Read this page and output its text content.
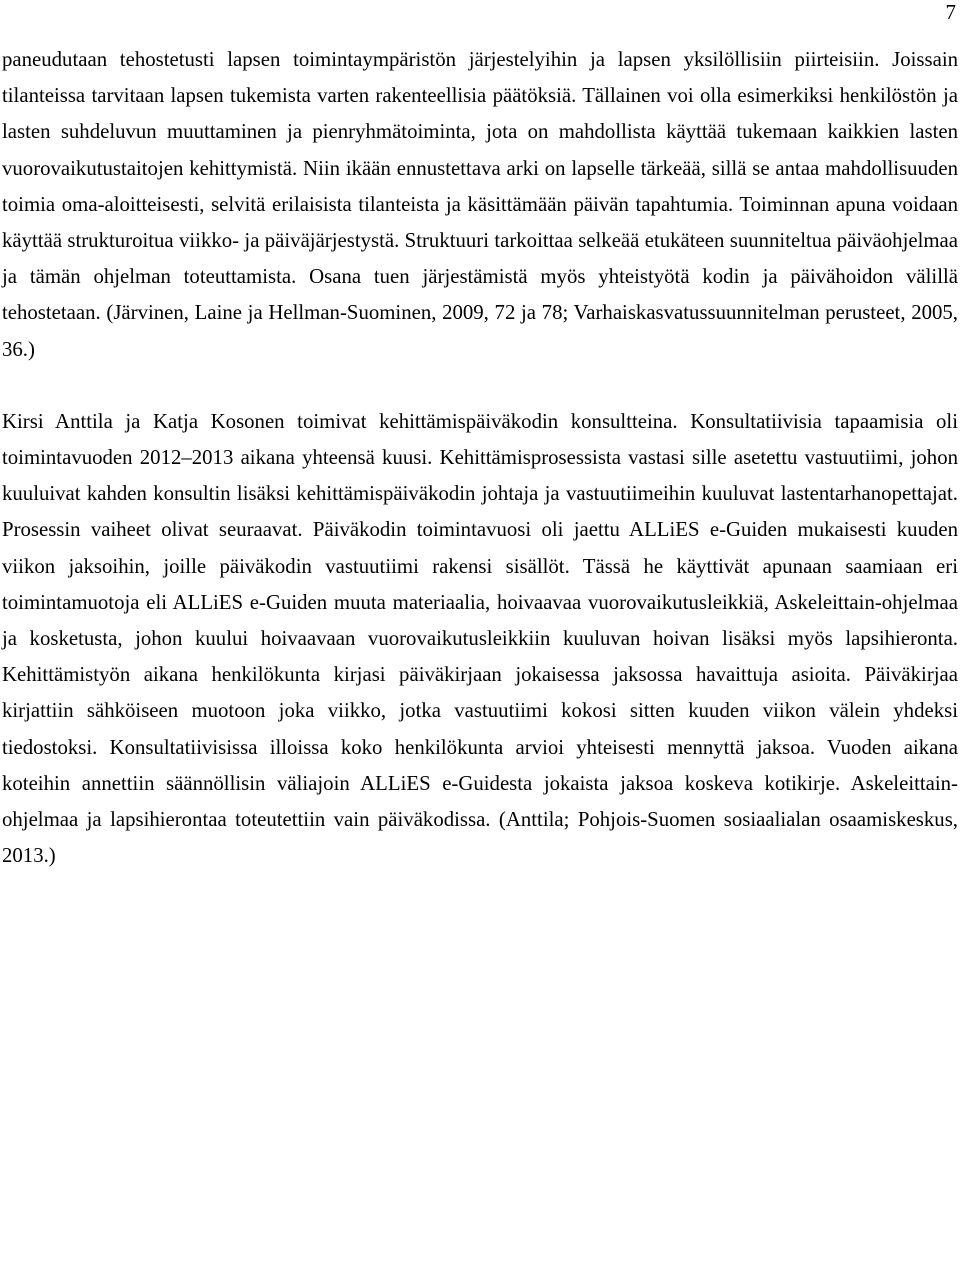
7

paneudutaan tehostetusti lapsen toimintaympäristön järjestelyihin ja lapsen yksilöllisiin piirteisiin. Joissain tilanteissa tarvitaan lapsen tukemista varten rakenteellisia päätöksiä. Tällainen voi olla esimerkiksi henkilöstön ja lasten suhdeluvun muuttaminen ja pienryhmätoiminta, jota on mahdollista käyttää tukemaan kaikkien lasten vuorovaikutustaitojen kehittymistä. Niin ikään ennustettava arki on lapselle tärkeää, sillä se antaa mahdollisuuden toimia oma-aloitteisesti, selvitä erilaisista tilanteista ja käsittämään päivän tapahtumia. Toiminnan apuna voidaan käyttää strukturoitua viikko- ja päiväjärjestystä. Struktuuri tarkoittaa selkeää etukäteen suunniteltua päiväohjelmaa ja tämän ohjelman toteuttamista. Osana tuen järjestämistä myös yhteistyötä kodin ja päivähoidon välillä tehostetaan. (Järvinen, Laine ja Hellman-Suominen, 2009, 72 ja 78; Varhaiskasvatussuunnitelman perusteet, 2005, 36.)

Kirsi Anttila ja Katja Kosonen toimivat kehittämispäiväkodin konsultteina. Konsultatiivisia tapaamisia oli toimintavuoden 2012–2013 aikana yhteensä kuusi. Kehittämisprosessista vastasi sille asetettu vastuutiimi, johon kuuluivat kahden konsultin lisäksi kehittämispäiväkodin johtaja ja vastuutiimeihin kuuluvat lastentarhanopettajat. Prosessin vaiheet olivat seuraavat. Päiväkodin toimintavuosi oli jaettu ALLiES e-Guiden mukaisesti kuuden viikon jaksoihin, joille päiväkodin vastuutiimi rakensi sisällöt. Tässä he käyttivät apunaan saamiaan eri toimintamuotoja eli ALLiES e-Guiden muuta materiaalia, hoivaavaa vuorovaikutusleikkiä, Askeleittain-ohjelmaa ja kosketusta, johon kuului hoivaavaan vuorovaikutusleikkiin kuuluvan hoivan lisäksi myös lapsihieronta. Kehittämistyön aikana henkilökunta kirjasi päiväkirjaan jokaisessa jaksossa havaittuja asioita. Päiväkirjaa kirjattiin sähköiseen muotoon joka viikko, jotka vastuutiimi kokosi sitten kuuden viikon välein yhdeksi tiedostoksi. Konsultatiivisissa illoissa koko henkilökunta arvioi yhteisesti mennyttä jaksoa. Vuoden aikana koteihin annettiin säännöllisin väliajoin ALLiES e-Guidesta jokaista jaksoa koskeva kotikirje. Askeleittain-ohjelmaa ja lapsihierontaa toteutettiin vain päiväkodissa. (Anttila; Pohjois-Suomen sosiaalialan osaamiskeskus, 2013.)
